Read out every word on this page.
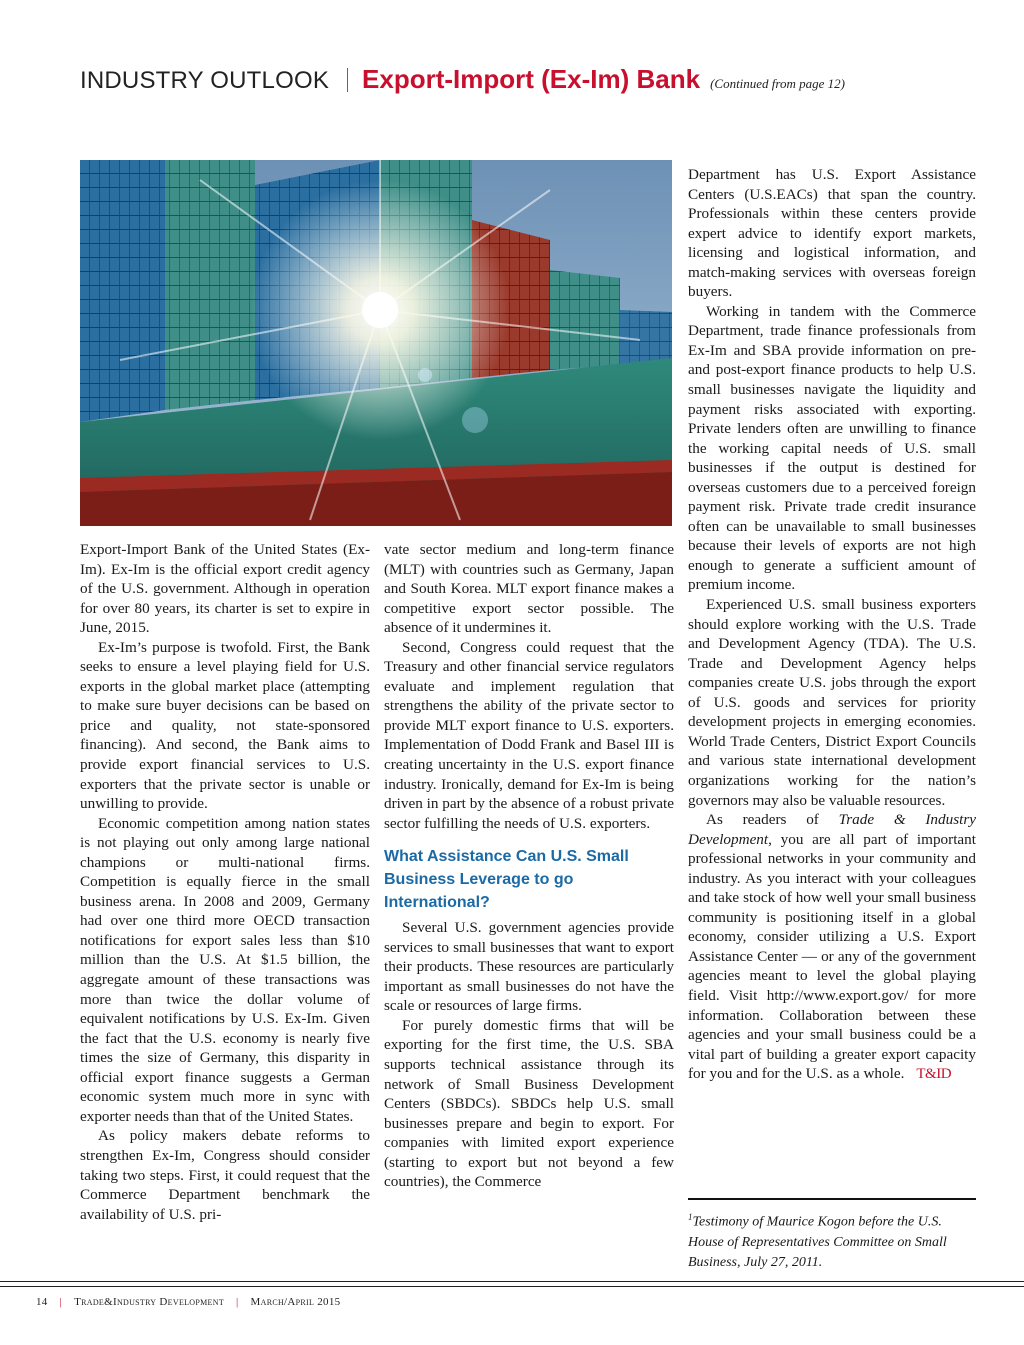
INDUSTRY OUTLOOK Export-Import (Ex-Im) Bank (Continued from page 12)

Export-Import Bank of the United States (Ex-Im). Ex-Im is the official export credit agency of the U.S. government. Although in operation for over 80 years, its charter is set to expire in June, 2015.

Ex-Im’s purpose is twofold. First, the Bank seeks to ensure a level playing field for U.S. exports in the global market place (attempting to make sure buyer decisions can be based on price and quality, not state-sponsored financing). And second, the Bank aims to provide export financial services to U.S. exporters that the private sector is unable or unwilling to provide.

Economic competition among nation states is not playing out only among large national champions or multi-national firms. Competition is equally fierce in the small business arena. In 2008 and 2009, Germany had over one third more OECD transaction notifications for export sales less than $10 million than the U.S. At $1.5 billion, the aggregate amount of these transactions was more than twice the dollar volume of equivalent notifications by U.S. Ex-Im. Given the fact that the U.S. economy is nearly five times the size of Germany, this disparity in official export finance suggests a German economic system much more in sync with exporter needs than that of the United States.

As policy makers debate reforms to strengthen Ex-Im, Congress should consider taking two steps. First, it could request that the Commerce Department benchmark the availability of U.S. pri-

vate sector medium and long-term finance (MLT) with countries such as Germany, Japan and South Korea. MLT export finance makes a competitive export sector possible. The absence of it undermines it.

Second, Congress could request that the Treasury and other financial service regulators evaluate and implement regulation that strengthens the ability of the private sector to provide MLT export finance to U.S. exporters. Implementation of Dodd Frank and Basel III is creating uncertainty in the U.S. export finance industry. Ironically, demand for Ex-Im is being driven in part by the absence of a robust private sector fulfilling the needs of U.S. exporters.

What Assistance Can U.S. Small Business Leverage to go International?

Several U.S. government agencies provide services to small businesses that want to export their products. These resources are particularly important as small businesses do not have the scale or resources of large firms.

For purely domestic firms that will be exporting for the first time, the U.S. SBA supports technical assistance through its network of Small Business Development Centers (SBDCs). SBDCs help U.S. small businesses prepare and begin to export. For companies with limited export experience (starting to export but not beyond a few countries), the Commerce

Department has U.S. Export Assistance Centers (U.S.EACs) that span the country. Professionals within these centers provide expert advice to identify export markets, licensing and logistical information, and match-making services with overseas foreign buyers.

Working in tandem with the Commerce Department, trade finance professionals from Ex-Im and SBA provide information on pre- and post-export finance products to help U.S. small businesses navigate the liquidity and payment risks associated with exporting. Private lenders often are unwilling to finance the working capital needs of U.S. small businesses if the output is destined for overseas customers due to a perceived foreign payment risk. Private trade credit insurance often can be unavailable to small businesses because their levels of exports are not high enough to generate a sufficient amount of premium income.

Experienced U.S. small business exporters should explore working with the U.S. Trade and Development Agency (TDA). The U.S. Trade and Development Agency helps companies create U.S. jobs through the export of U.S. goods and services for priority development projects in emerging economies. World Trade Centers, District Export Councils and various state international development organizations working for the nation’s governors may also be valuable resources.

As readers of Trade & Industry Development, you are all part of important professional networks in your community and industry. As you interact with your colleagues and take stock of how well your small business community is positioning itself in a global economy, consider utilizing a U.S. Export Assistance Center — or any of the government agencies meant to level the global playing field. Visit http://www.export.gov/ for more information. Collaboration between these agencies and your small business could be a vital part of building a greater export capacity for you and for the U.S. as a whole. T&ID

$^1$Testimony of Maurice Kogon before the U.S. House of Representatives Committee on Small Business, July 27, 2011.
14 | Trade&Industry Development | March/April 2015
